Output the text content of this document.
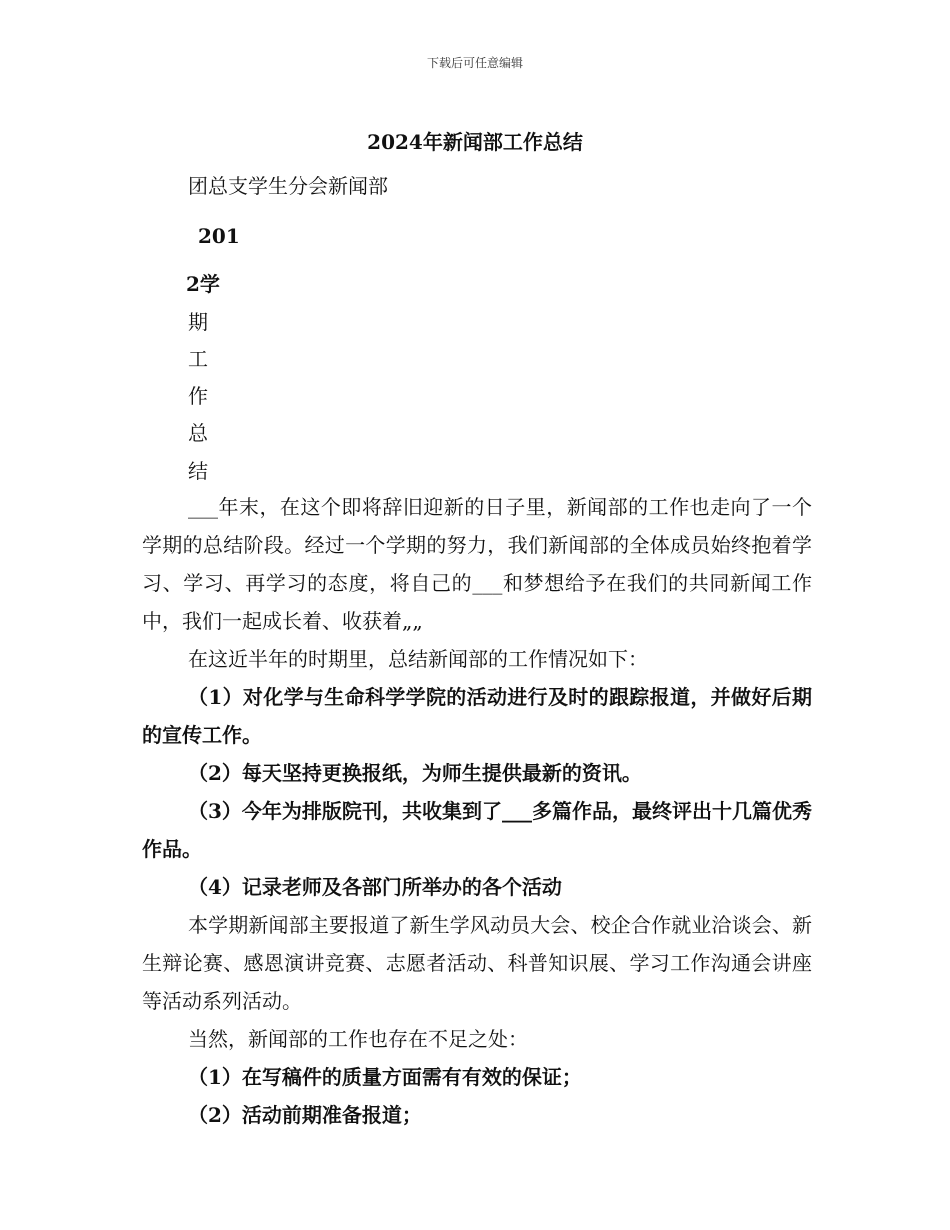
下载后可任意编辑
2024年新闻部工作总结
团总支学生分会新闻部
201
2学
期
工
作
总
结

___年末，在这个即将辞旧迎新的日子里，新闻部的工作也走向了一个学期的总结阶段。经过一个学期的努力，我们新闻部的全体成员始终抱着学习、学习、再学习的态度，将自己的___和梦想给予在我们的共同新闻工作中，我们一起成长着、收获着„„

在这近半年的时期里，总结新闻部的工作情况如下：

（1）对化学与生命科学学院的活动进行及时的跟踪报道，并做好后期的宣传工作。

（2）每天坚持更换报纸，为师生提供最新的资讯。

（3）今年为排版院刊，共收集到了___多篇作品，最终评出十几篇优秀作品。

（4）记录老师及各部门所举办的各个活动

本学期新闻部主要报道了新生学风动员大会、校企合作就业洽谈会、新生辩论赛、感恩演讲竞赛、志愿者活动、科普知识展、学习工作沟通会讲座等活动系列活动。

当然，新闻部的工作也存在不足之处：

（1）在写稿件的质量方面需有有效的保证；

（2）活动前期准备报道；
